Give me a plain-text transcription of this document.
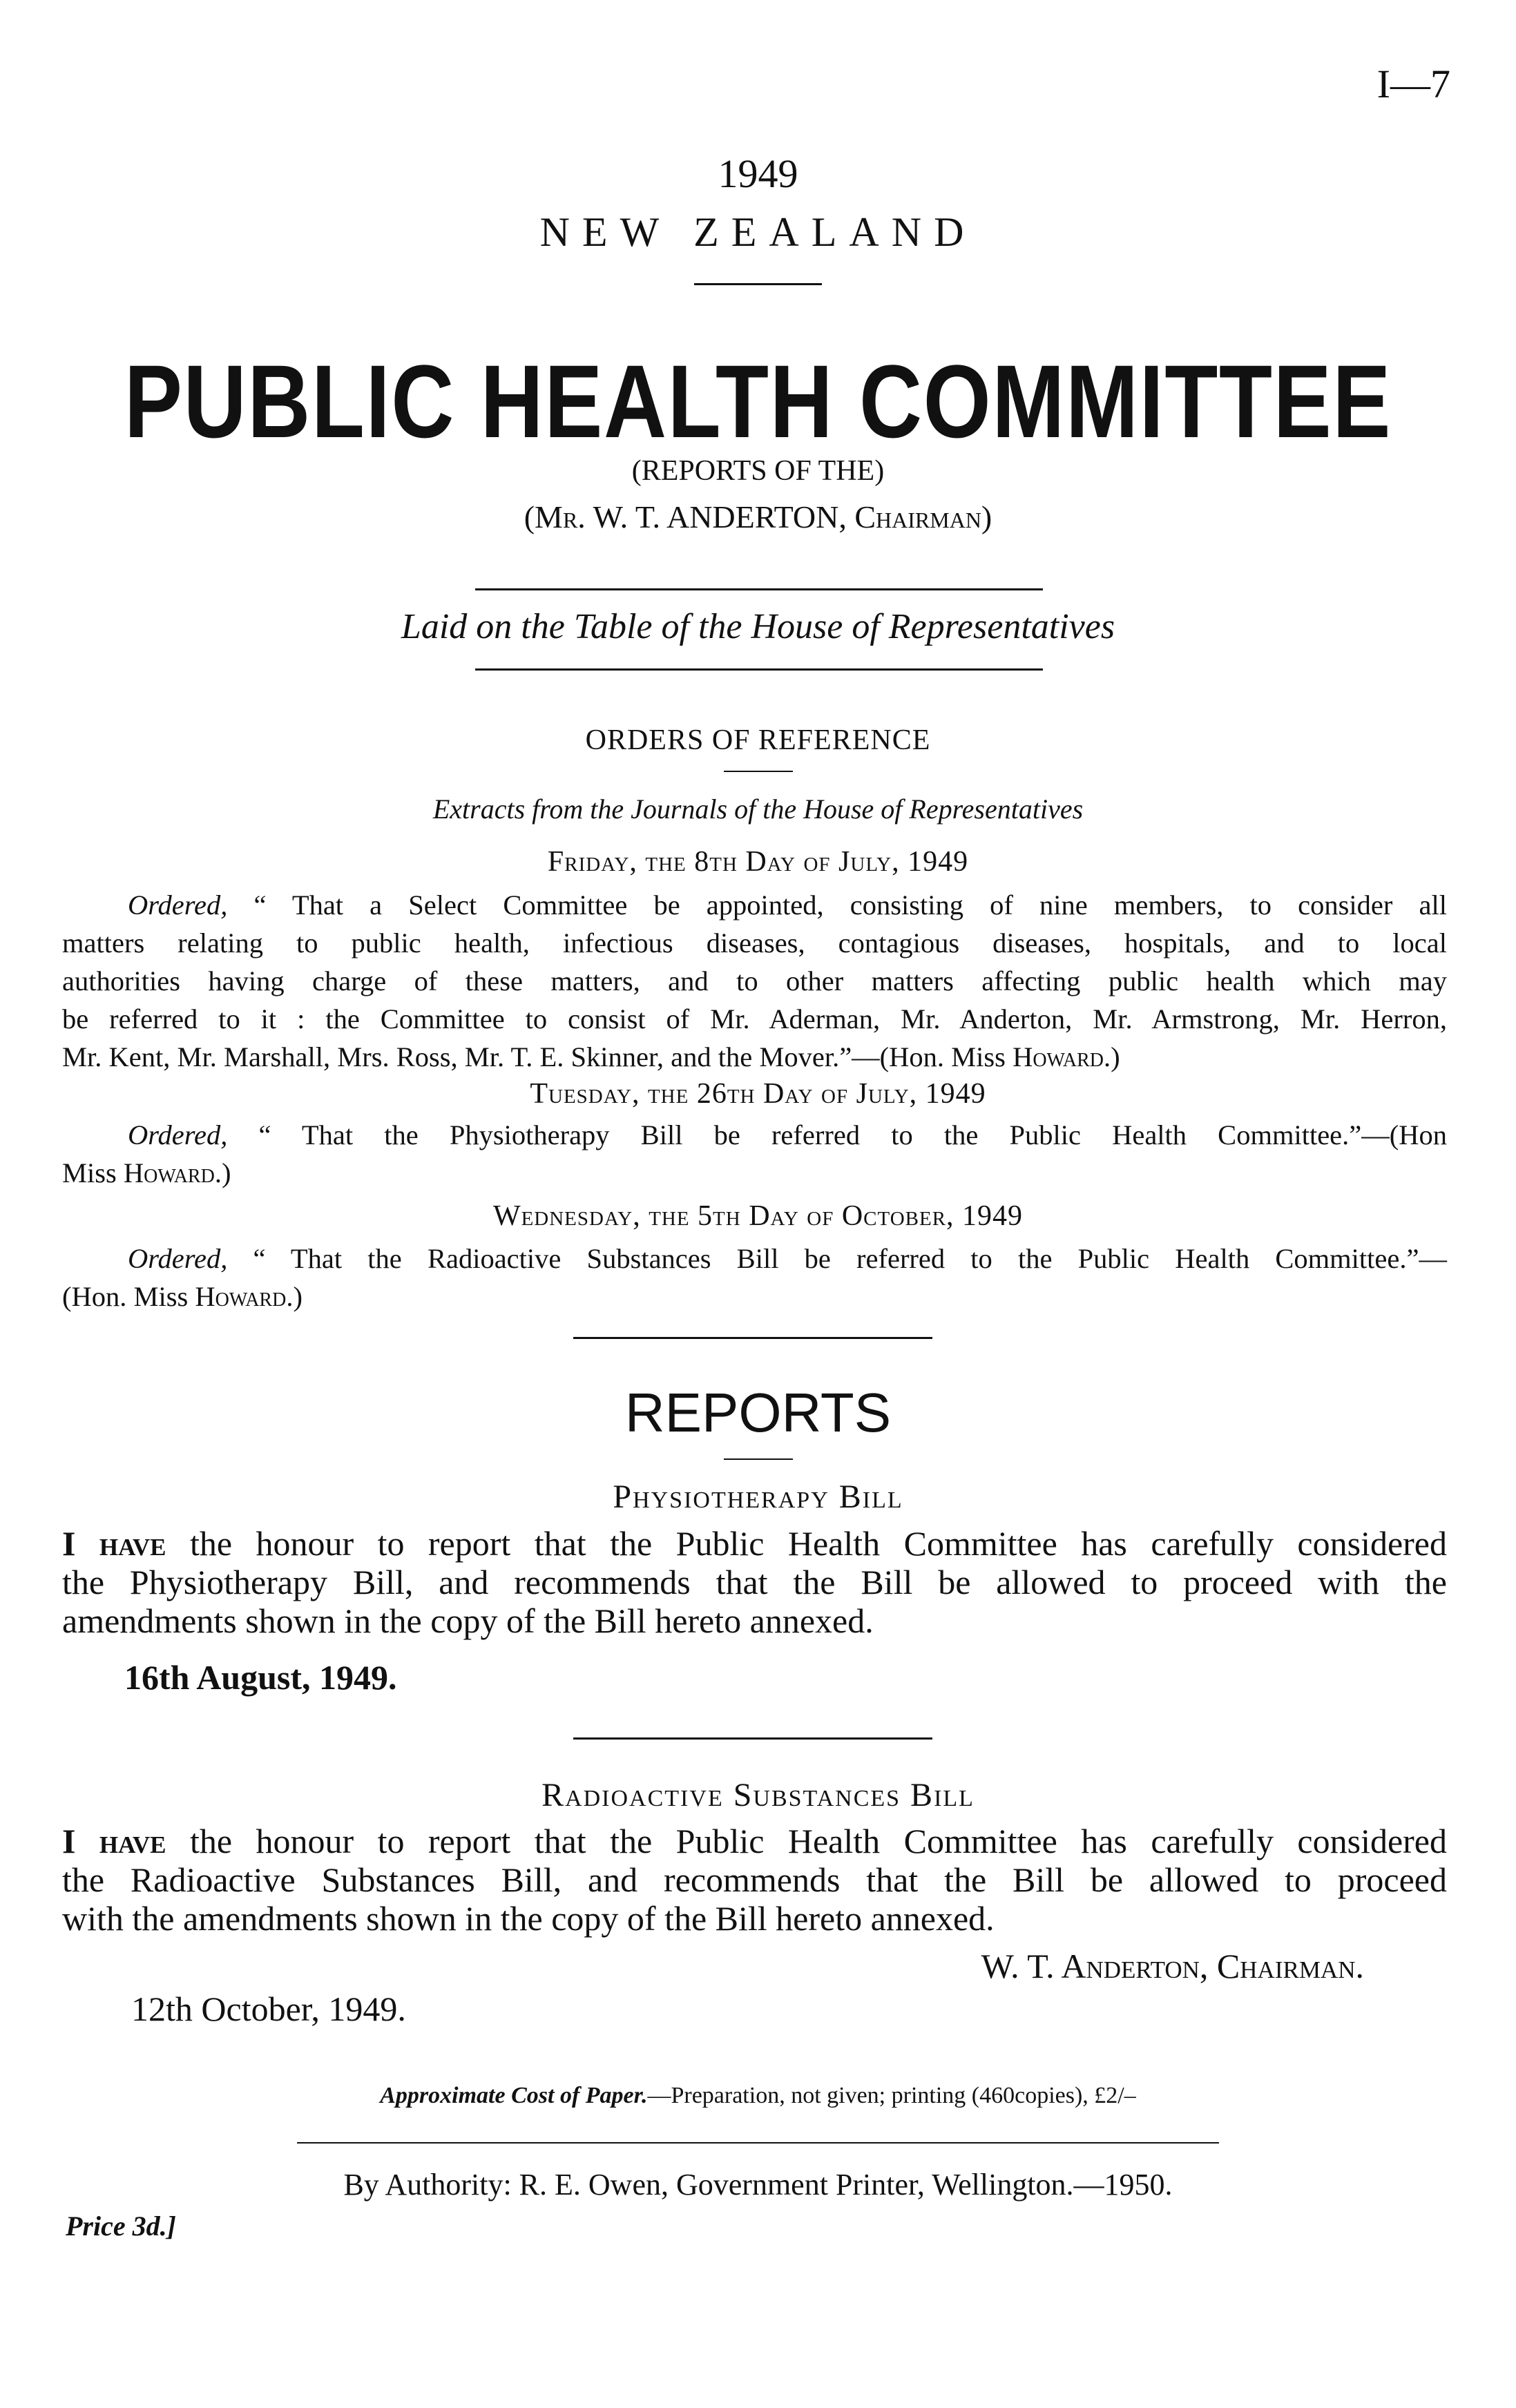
I—7
1949
NEW ZEALAND
PUBLIC HEALTH COMMITTEE
(REPORTS OF THE)
(Mr. W. T. ANDERTON, Chairman)
Laid on the Table of the House of Representatives
ORDERS OF REFERENCE
Extracts from the Journals of the House of Representatives
Friday, the 8th Day of July, 1949
Ordered, “ That a Select Committee be appointed, consisting of nine members, to consider all
matters relating to public health, infectious diseases, contagious diseases, hospitals, and to local
authorities having charge of these matters, and to other matters affecting public health which may
be referred to it : the Committee to consist of Mr. Aderman, Mr. Anderton, Mr. Armstrong, Mr. Herron,
Mr. Kent, Mr. Marshall, Mrs. Ross, Mr. T. E. Skinner, and the Mover.”—(Hon. Miss Howard.)
Tuesday, the 26th Day of July, 1949
Ordered, “ That the Physiotherapy Bill be referred to the Public Health Committee.”—(Hon
Miss Howard.)
Wednesday, the 5th Day of October, 1949
Ordered, “ That the Radioactive Substances Bill be referred to the Public Health Committee.”—
(Hon. Miss Howard.)
REPORTS
Physiotherapy Bill
I have the honour to report that the Public Health Committee has carefully considered
the Physiotherapy Bill, and recommends that the Bill be allowed to proceed with the
amendments shown in the copy of the Bill hereto annexed.
16th August, 1949.
Radioactive Substances Bill
I have the honour to report that the Public Health Committee has carefully considered
the Radioactive Substances Bill, and recommends that the Bill be allowed to proceed
with the amendments shown in the copy of the Bill hereto annexed.
W. T. Anderton, Chairman.
12th October, 1949.
Approximate Cost of Paper.—Preparation, not given; printing (460copies), £2/–
By Authority: R. E. Owen, Government Printer, Wellington.—1950.
Price 3d.]
